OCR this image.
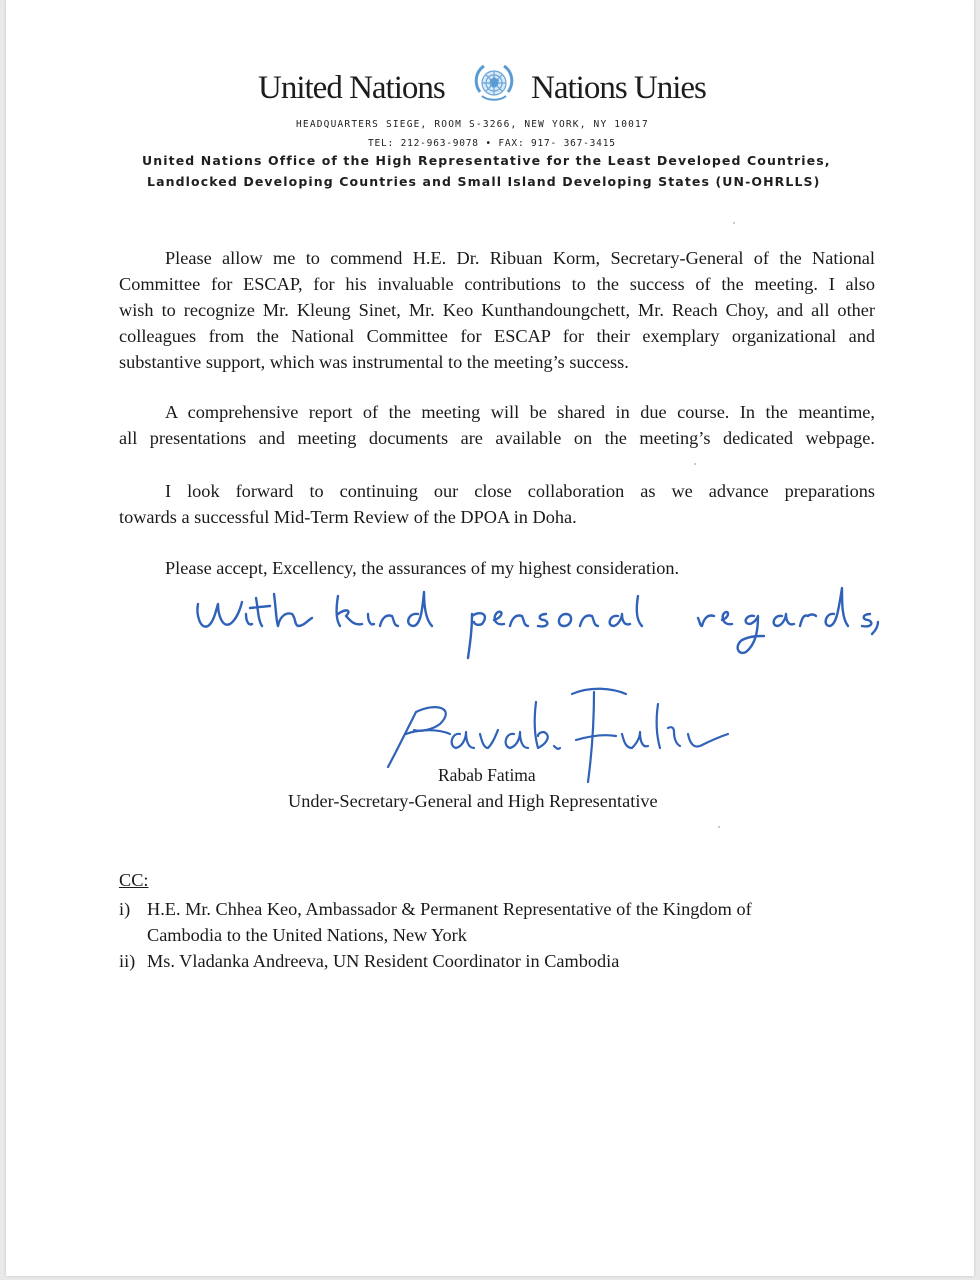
United Nations	Nations Unies
HEADQUARTERS SIEGE, ROOM S-3266, NEW YORK, NY 10017
TEL: 212-963-9078 • FAX: 917- 367-3415
United Nations Office of the High Representative for the Least Developed Countries,
Landlocked Developing Countries and Small Island Developing States (UN-OHRLLS)
Please allow me to commend H.E. Dr. Ribuan Korm, Secretary-General of the National
Committee for ESCAP, for his invaluable contributions to the success of the meeting. I also
wish to recognize Mr. Kleung Sinet, Mr. Keo Kunthandoungchett, Mr. Reach Choy, and all other
colleagues from the National Committee for ESCAP for their exemplary organizational and
substantive support, which was instrumental to the meeting’s success.
A comprehensive report of the meeting will be shared in due course. In the meantime,
all presentations and meeting documents are available on the meeting’s dedicated webpage.
I look forward to continuing our close collaboration as we advance preparations
towards a successful Mid-Term Review of the DPOA in Doha.
Please accept, Excellency, the assurances of my highest consideration.
Rabab Fatima
Under-Secretary-General and High Representative
CC:
i) H.E. Mr. Chhea Keo, Ambassador & Permanent Representative of the Kingdom of
Cambodia to the United Nations, New York
ii) Ms. Vladanka Andreeva, UN Resident Coordinator in Cambodia
